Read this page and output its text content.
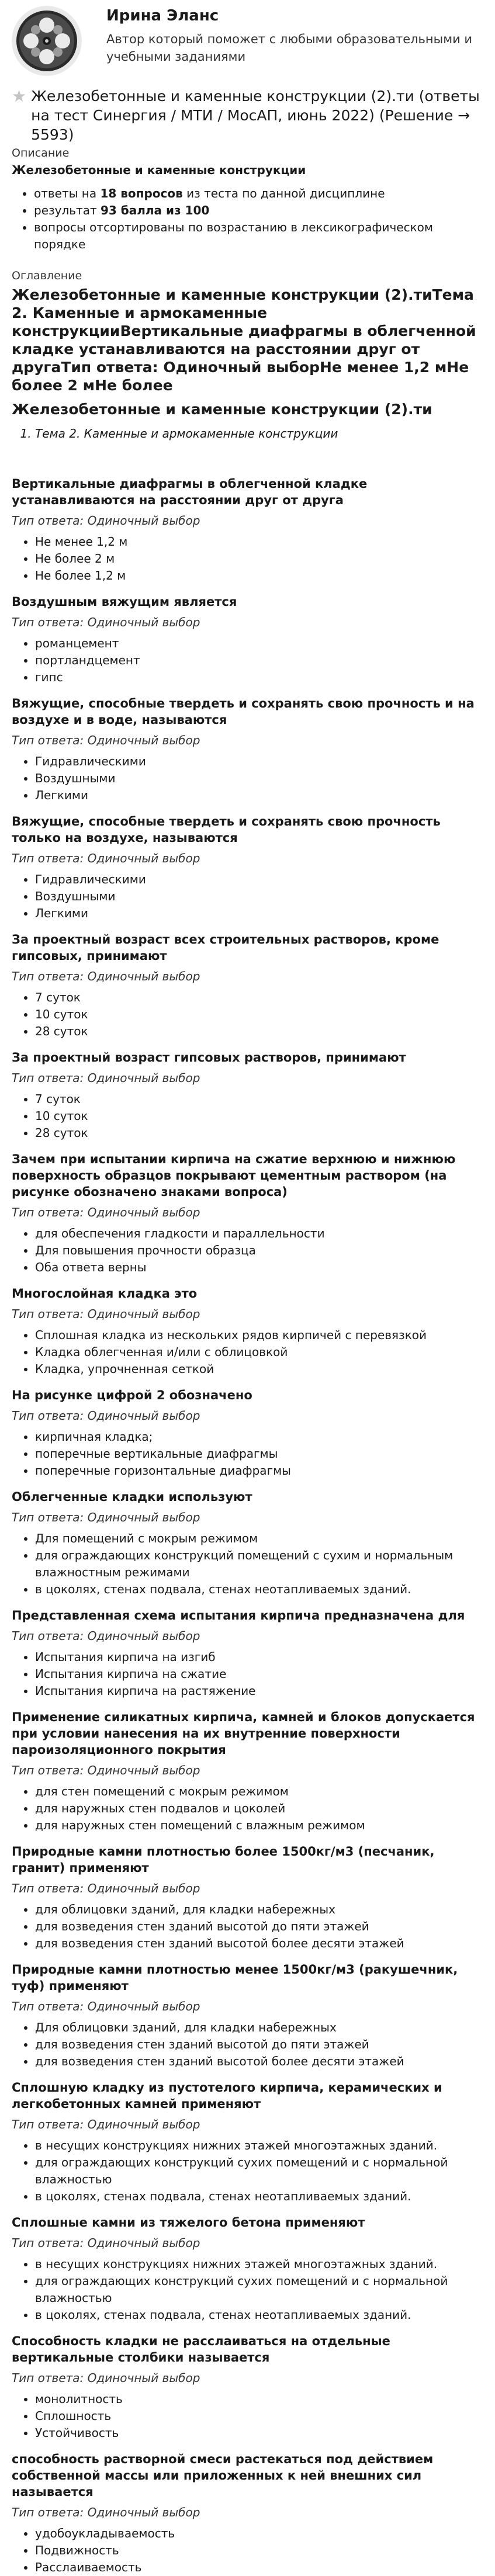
Ирина Эланс
Автор который поможет с любыми образовательными и учебными заданиями
★ Железобетонные и каменные конструкции (2).ти (ответы на тест Синергия / МТИ / МосАП, июнь 2022) (Решение → 5593)
Описание
Железобетонные и каменные конструкции
• ответы на 18 вопросов из теста по данной дисциплине
• результат 93 балла из 100
• вопросы отсортированы по возрастанию в лексикографическом порядке
Оглавление
Железобетонные и каменные конструкции (2).тиТема 2. Каменные и армокаменные конструкцииВертикальные диафрагмы в облегченной кладке устанавливаются на расстоянии друг от другаТип ответа: Одиночный выборНе менее 1,2 мНе более 2 мНе более
Железобетонные и каменные конструкции (2).ти
1. Тема 2. Каменные и армокаменные конструкции
Вертикальные диафрагмы в облегченной кладке устанавливаются на расстоянии друг от друга
Тип ответа: Одиночный выбор
• Не менее 1,2 м
• Не более 2 м
• Не более 1,2 м
Воздушным вяжущим является
Тип ответа: Одиночный выбор
• романцемент
• портландцемент
• гипс
Вяжущие, способные твердеть и сохранять свою прочность и на воздухе и в воде, называются
Тип ответа: Одиночный выбор
• Гидравлическими
• Воздушными
• Легкими
Вяжущие, способные твердеть и сохранять свою прочность только на воздухе, называются
Тип ответа: Одиночный выбор
• Гидравлическими
• Воздушными
• Легкими
За проектный возраст всех строительных растворов, кроме гипсовых, принимают
Тип ответа: Одиночный выбор
• 7 суток
• 10 суток
• 28 суток
За проектный возраст гипсовых растворов, принимают
Тип ответа: Одиночный выбор
• 7 суток
• 10 суток
• 28 суток
Зачем при испытании кирпича на сжатие верхнюю и нижнюю поверхность образцов покрывают цементным раствором (на рисунке обозначено знаками вопроса)
Тип ответа: Одиночный выбор
• для обеспечения гладкости и параллельности
• Для повышения прочности образца
• Оба ответа верны
Многослойная кладка это
Тип ответа: Одиночный выбор
• Сплошная кладка из нескольких рядов кирпичей с перевязкой
• Кладка облегченная и/или с облицовкой
• Кладка, упрочненная сеткой
На рисунке цифрой 2 обозначено
Тип ответа: Одиночный выбор
• кирпичная кладка;
• поперечные вертикальные диафрагмы
• поперечные горизонтальные диафрагмы
Облегченные кладки используют
Тип ответа: Одиночный выбор
• Для помещений с мокрым режимом
• для ограждающих конструкций помещений с сухим и нормальным влажностным режимами
• в цоколях, стенах подвала, стенах неотапливаемых зданий.
Представленная схема испытания кирпича предназначена для
Тип ответа: Одиночный выбор
• Испытания кирпича на изгиб
• Испытания кирпича на сжатие
• Испытания кирпича на растяжение
Применение силикатных кирпича, камней и блоков допускается при условии нанесения на их внутренние поверхности пароизоляционного покрытия
Тип ответа: Одиночный выбор
• для стен помещений с мокрым режимом
• для наружных стен подвалов и цоколей
• для наружных стен помещений с влажным режимом
Природные камни плотностью более 1500кг/м3 (песчаник, гранит) применяют
Тип ответа: Одиночный выбор
• для облицовки зданий, для кладки набережных
• для возведения стен зданий высотой до пяти этажей
• для возведения стен зданий высотой более десяти этажей
Природные камни плотностью менее 1500кг/м3 (ракушечник, туф) применяют
Тип ответа: Одиночный выбор
• Для облицовки зданий, для кладки набережных
• для возведения стен зданий высотой до пяти этажей
• для возведения стен зданий высотой более десяти этажей
Сплошную кладку из пустотелого кирпича, керамических и легкобетонных камней применяют
Тип ответа: Одиночный выбор
• в несущих конструкциях нижних этажей многоэтажных зданий.
• для ограждающих конструкций сухих помещений и с нормальной влажностью
• в цоколях, стенах подвала, стенах неотапливаемых зданий.
Сплошные камни из тяжелого бетона применяют
Тип ответа: Одиночный выбор
• в несущих конструкциях нижних этажей многоэтажных зданий.
• для ограждающих конструкций сухих помещений и с нормальной влажностью
• в цоколях, стенах подвала, стенах неотапливаемых зданий.
Способность кладки не расслаиваться на отдельные вертикальные столбики называется
Тип ответа: Одиночный выбор
• монолитность
• Сплошность
• Устойчивость
способность растворной смеси растекаться под действием собственной массы или приложенных к ней внешних сил называется
Тип ответа: Одиночный выбор
• удобоукладываемость
• Подвижность
• Расслаиваемость
